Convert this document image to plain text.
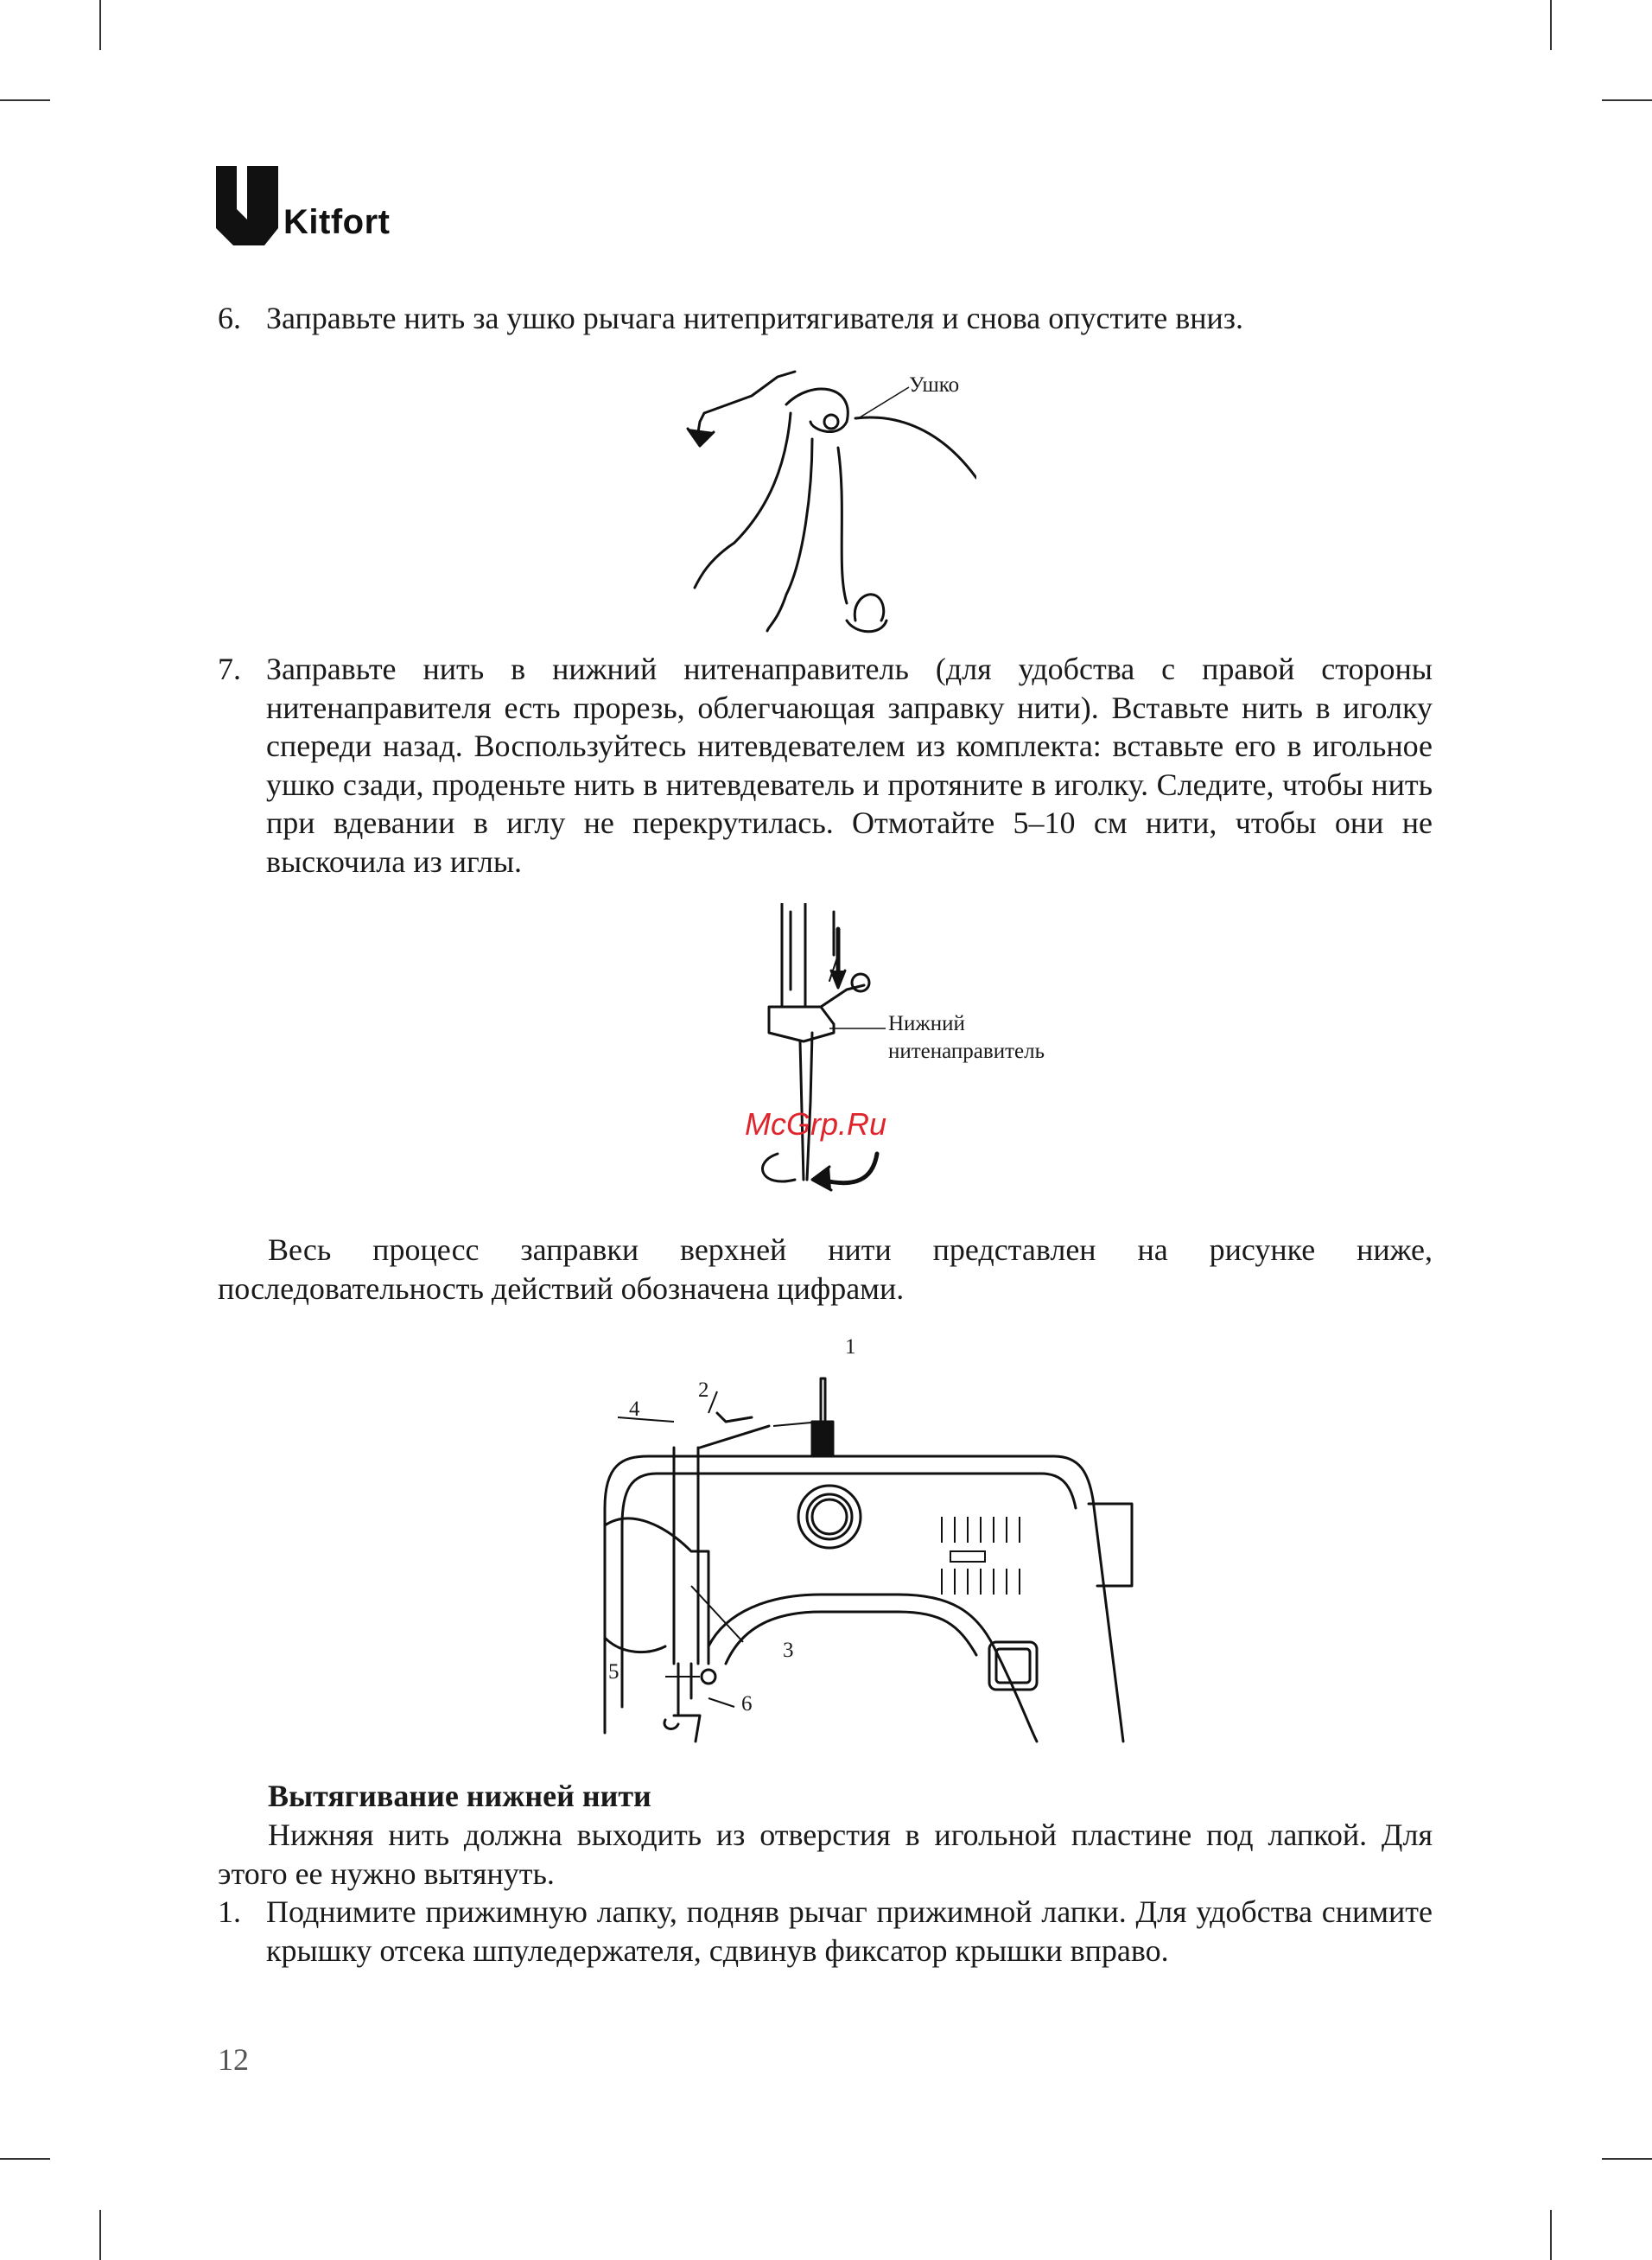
Kitfort
6. Заправьте нить за ушко рычага нитепритягивателя и снова опустите вниз.
Ушко
7. Заправьте нить в нижний нитенаправитель (для удобства с правой стороны нитенаправителя есть прорезь, облегчающая заправку нити). Вставьте нить в иголку спереди назад. Воспользуйтесь нитевдевателем из комплекта: вставьте его в игольное ушко сзади, проденьте нить в нитевдеватель и протяните в иголку. Следите, чтобы нить при вдевании в иглу не перекрутилась. Отмотайте 5–10 см нити, чтобы они не выскочила из иглы.
Нижний
нитенаправитель
McGrp.Ru

Весь процесс заправки верхней нити представлен на рисунке ниже, последовательность действий обозначена цифрами.

1
2
3
4
5
6
Вытягивание нижней нити

Нижняя нить должна выходить из отверстия в игольной пластине под лапкой. Для этого ее нужно вытянуть.

1. Поднимите прижимную лапку, подняв рычаг прижимной лапки. Для удобства снимите крышку отсека шпуледержателя, сдвинув фиксатор крышки вправо.
12
